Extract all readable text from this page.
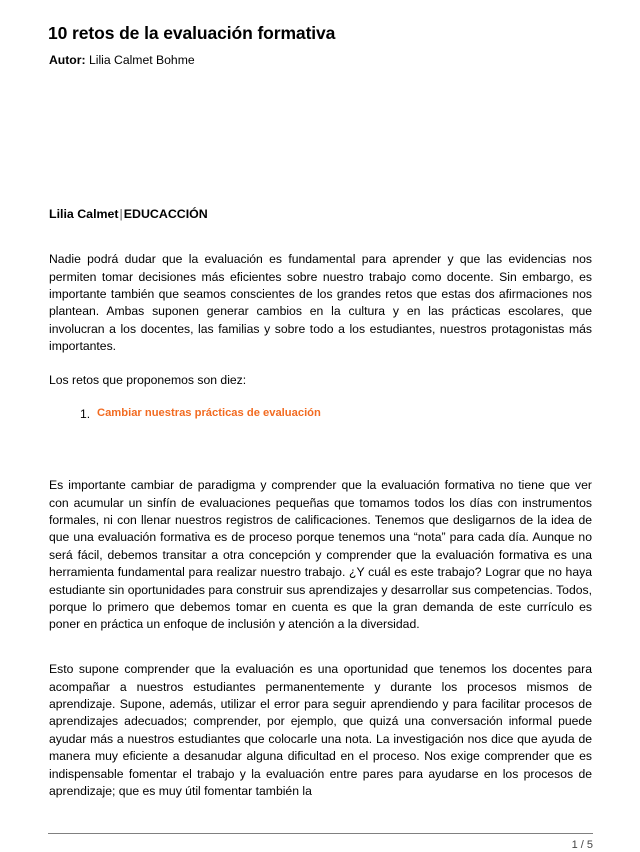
10 retos de la evaluación formativa
Autor: Lilia Calmet Bohme
Lilia Calmet|EDUCACCIÓN

Nadie podrá dudar que la evaluación es fundamental para aprender y que las evidencias nos permiten tomar decisiones más eficientes sobre nuestro trabajo como docente. Sin embargo, es importante también que seamos conscientes de los grandes retos que estas dos afirmaciones nos plantean. Ambas suponen generar cambios en la cultura y en las prácticas escolares, que involucran a los docentes, las familias y sobre todo a los estudiantes, nuestros protagonistas más importantes.

Los retos que proponemos son diez:

1. Cambiar nuestras prácticas de evaluación

Es importante cambiar de paradigma y comprender que la evaluación formativa no tiene que ver con acumular un sinfín de evaluaciones pequeñas que tomamos todos los días con instrumentos formales, ni con llenar nuestros registros de calificaciones. Tenemos que desligarnos de la idea de que una evaluación formativa es de proceso porque tenemos una “nota” para cada día. Aunque no será fácil, debemos transitar a otra concepción y comprender que la evaluación formativa es una herramienta fundamental para realizar nuestro trabajo. ¿Y cuál es este trabajo? Lograr que no haya estudiante sin oportunidades para construir sus aprendizajes y desarrollar sus competencias. Todos, porque lo primero que debemos tomar en cuenta es que la gran demanda de este currículo es poner en práctica un enfoque de inclusión y atención a la diversidad.

Esto supone comprender que la evaluación es una oportunidad que tenemos los docentes para acompañar a nuestros estudiantes permanentemente y durante los procesos mismos de aprendizaje. Supone, además, utilizar el error para seguir aprendiendo y para facilitar procesos de aprendizajes adecuados; comprender, por ejemplo, que quizá una conversación informal puede ayudar más a nuestros estudiantes que colocarle una nota. La investigación nos dice que ayuda de manera muy eficiente a desanudar alguna dificultad en el proceso. Nos exige comprender que es indispensable fomentar el trabajo y la evaluación entre pares para ayudarse en los procesos de aprendizaje; que es muy útil fomentar también la

1 / 5
